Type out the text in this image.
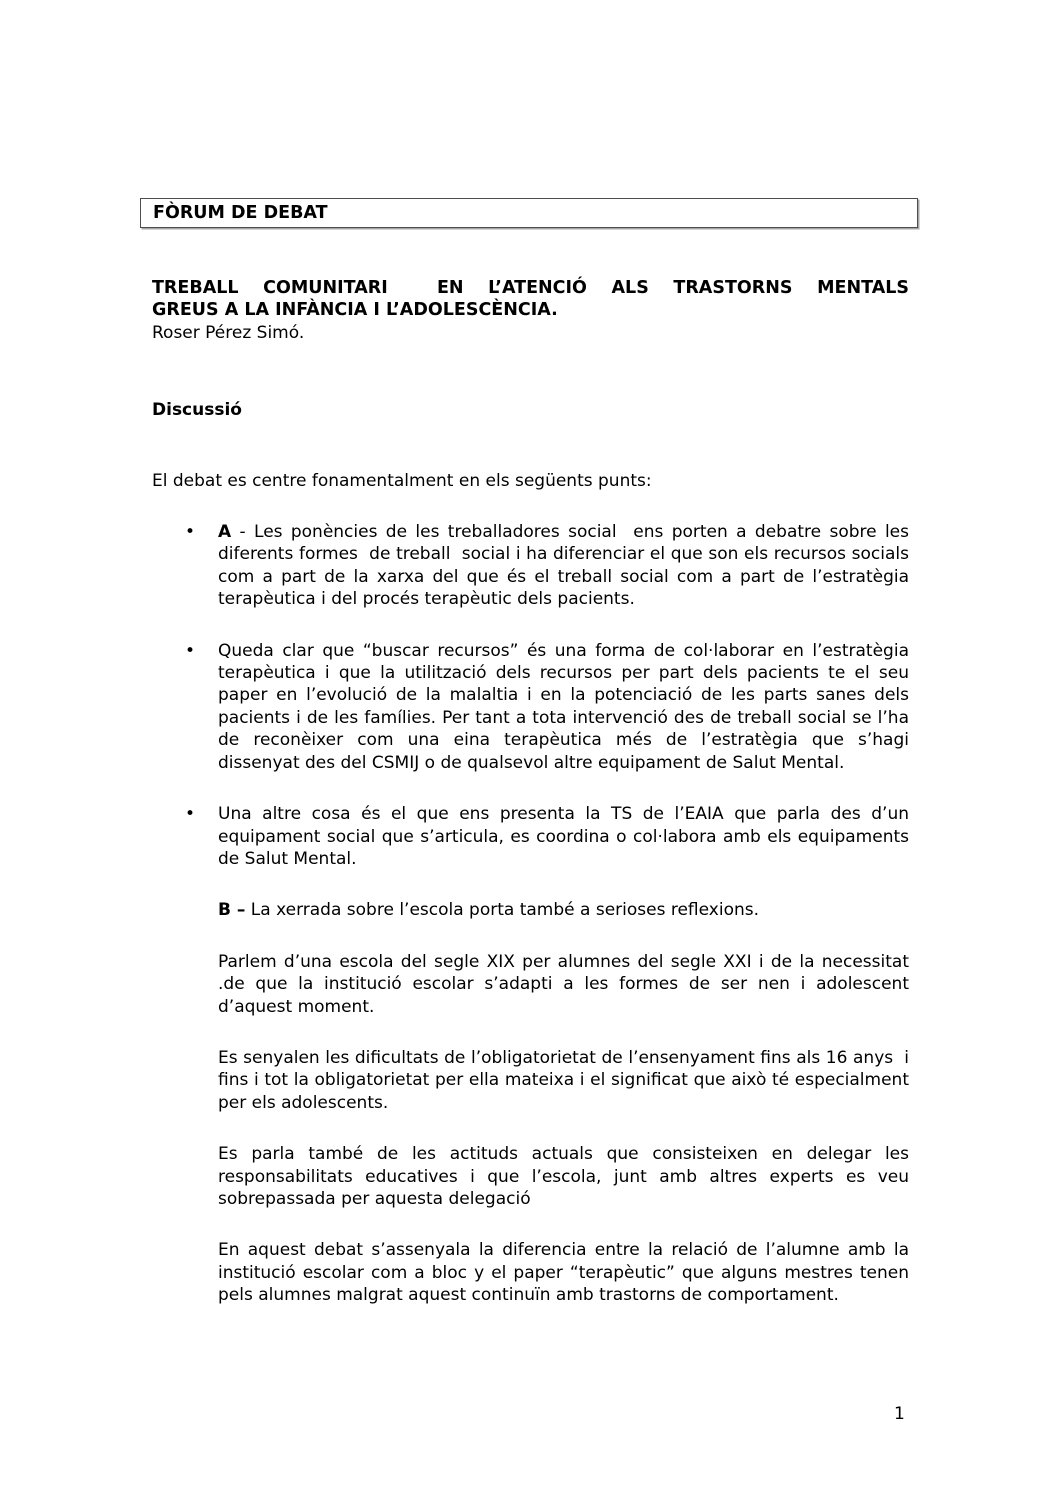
FÒRUM DE DEBAT

TREBALL COMUNITARI  EN L’ATENCIÓ ALS TRASTORNS MENTALS

GREUS A LA INFÀNCIA I L’ADOLESCÈNCIA.

Roser Pérez Simó.

Discussió

El debat es centre fonamentalment en els següents punts:

• A - Les ponències de les treballadores social  ens porten a debatre sobre les diferents formes  de treball  social i ha diferenciar el que son els recursos socials com a part de la xarxa del que és el treball social com a part de l’estratègia terapèutica i del procés terapèutic dels pacients.
• Queda clar que “buscar recursos” és una forma de col·laborar en l’estratègia terapèutica i que la utilització dels recursos per part dels pacients te el seu paper en l’evolució de la malaltia i en la potenciació de les parts sanes dels pacients i de les famílies. Per tant a tota intervenció des de treball social se l’ha de reconèixer com una eina terapèutica més de l’estratègia que s’hagi dissenyat des del CSMIJ o de qualsevol altre equipament de Salut Mental.
• Una altre cosa és el que ens presenta la TS de l’EAIA que parla des d’un equipament social que s’articula, es coordina o col·labora amb els equipaments de Salut Mental.
B – La xerrada sobre l’escola porta també a serioses reflexions.
Parlem d’una escola del segle XIX per alumnes del segle XXI i de la necessitat .de que la institució escolar s’adapti a les formes de ser nen i adolescent d’aquest moment.
Es senyalen les dificultats de l’obligatorietat de l’ensenyament fins als 16 anys  i fins i tot la obligatorietat per ella mateixa i el significat que això té especialment per els adolescents.
Es parla també de les actituds actuals que consisteixen en delegar les responsabilitats educatives i que l’escola, junt amb altres experts es veu sobrepassada per aquesta delegació
En aquest debat s’assenyala la diferencia entre la relació de l’alumne amb la institució escolar com a bloc y el paper “terapèutic” que alguns mestres tenen pels alumnes malgrat aquest continuïn amb trastorns de comportament.
1
